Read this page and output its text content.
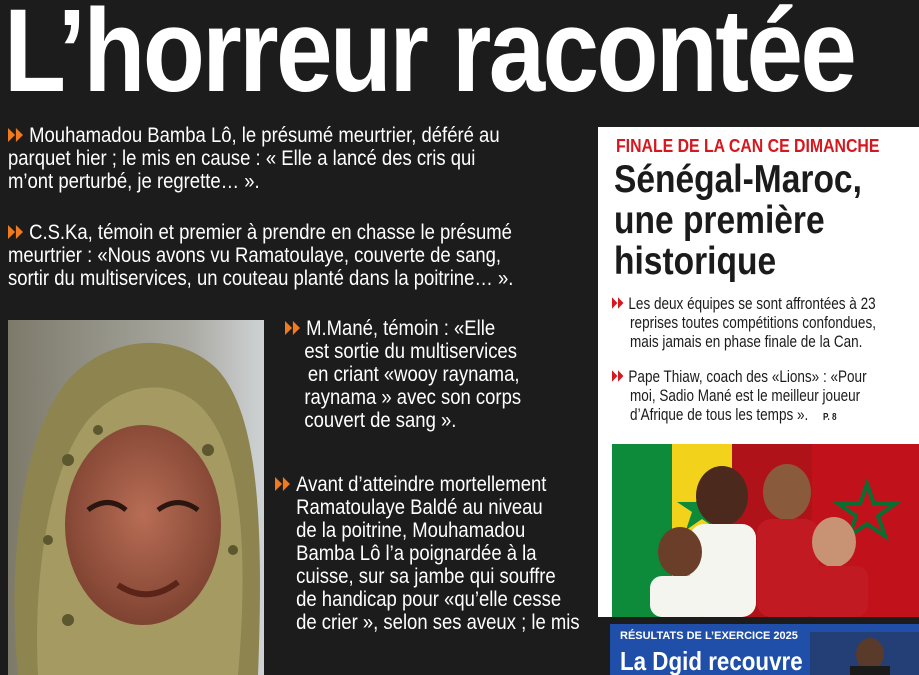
L’horreur racontée
Mouhamadou Bamba Lô, le présumé meurtrier, déféré au
parquet hier ; le mis en cause : « Elle a lancé des cris qui
m’ont perturbé, je regrette… ».
C.S.Ka, témoin et premier à prendre en chasse le présumé
meurtrier : «Nous avons vu Ramatoulaye, couverte de sang,
sortir du multiservices, un couteau planté dans la poitrine… ».
M.Mané, témoin : «Elle
est sortie du multiservices
en criant «wooy raynama,
raynama » avec son corps
couvert de sang ».
Avant d’atteindre mortellement
Ramatoulaye Baldé au niveau
de la poitrine, Mouhamadou
Bamba Lô l’a poignardée à la
cuisse, sur sa jambe qui souffre
de handicap pour «qu’elle cesse
de crier », selon ses aveux ; le mis
FINALE DE LA CAN CE DIMANCHE
Sénégal-Maroc,
une première
historique
Les deux équipes se sont affrontées à 23
reprises toutes compétitions confondues,
mais jamais en phase finale de la Can.
Pape Thiaw, coach des «Lions» : «Pour
moi, Sadio Mané est le meilleur joueur
d’Afrique de tous les temps ». P. 8
RÉSULTATS DE L’EXERCICE 2025
La Dgid recouvre
